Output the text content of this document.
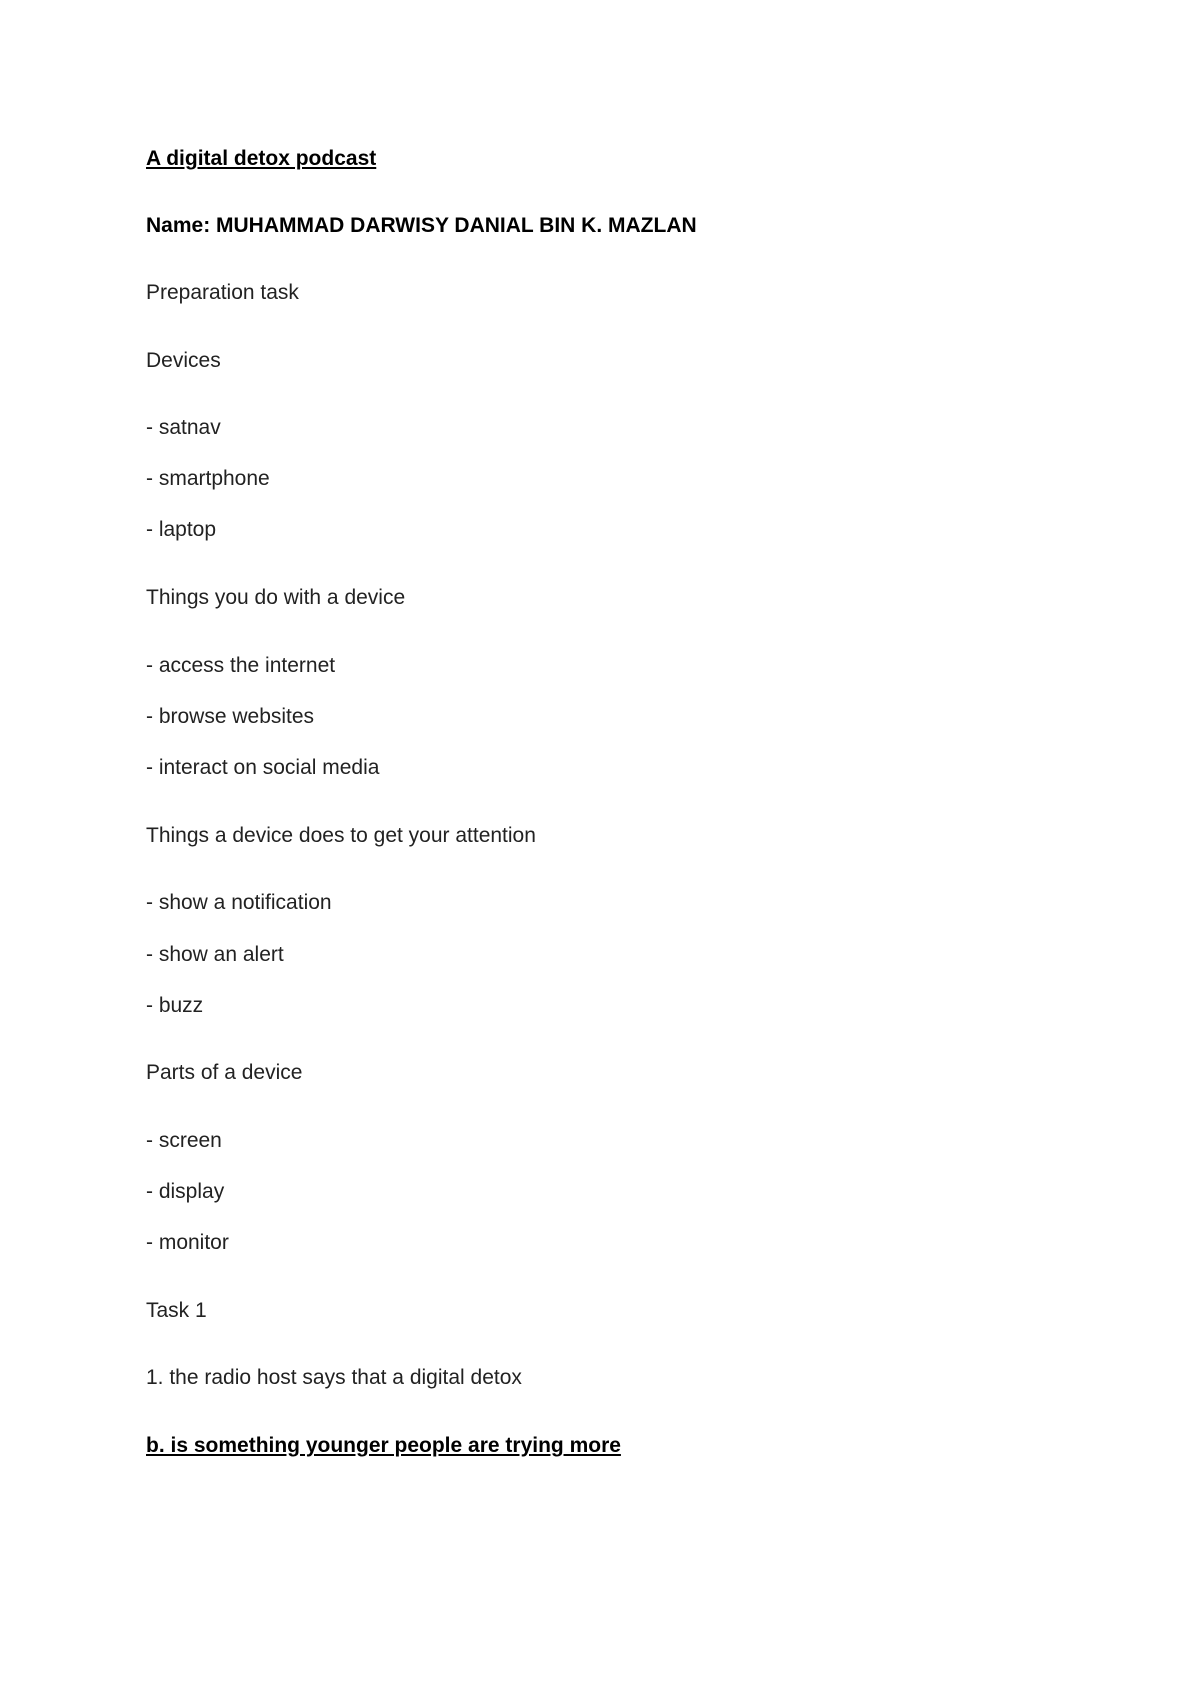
A digital detox podcast
Name: MUHAMMAD DARWISY DANIAL BIN K. MAZLAN
Preparation task
Devices
- satnav
- smartphone
- laptop
Things you do with a device
- access the internet
- browse websites
- interact on social media
Things a device does to get your attention
- show a notification
- show an alert
- buzz
Parts of a device
- screen
- display
- monitor
Task 1
1. the radio host says that a digital detox
b. is something younger people are trying more
